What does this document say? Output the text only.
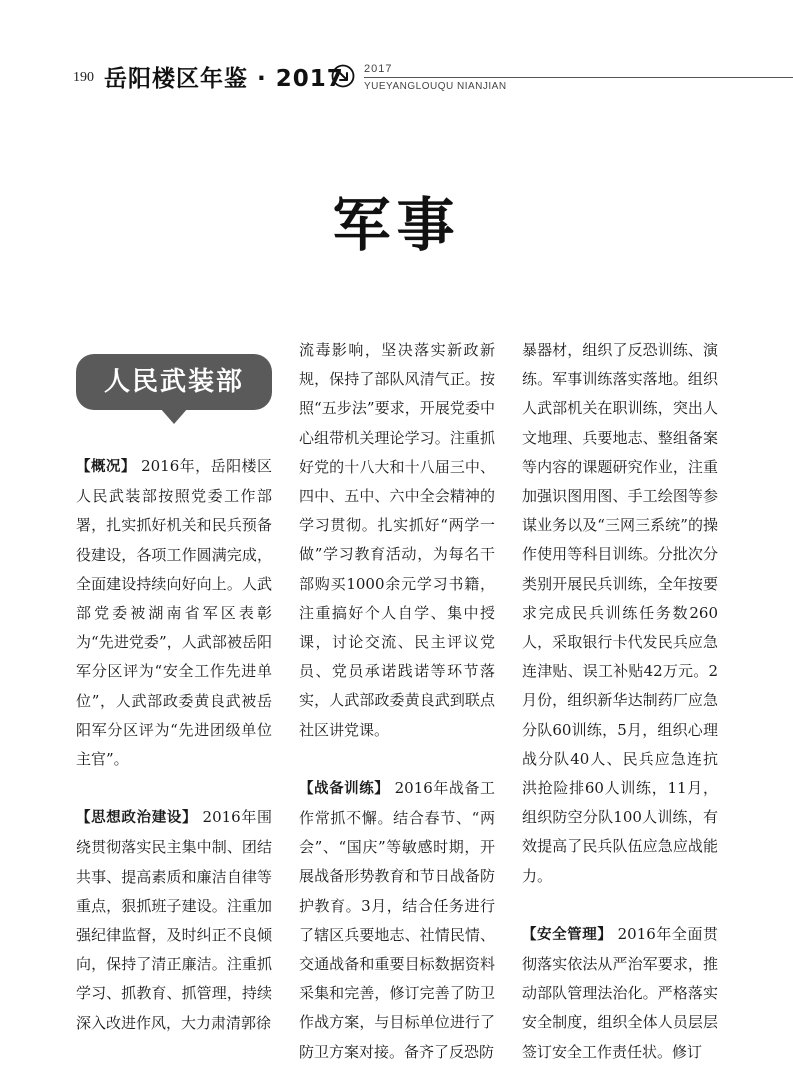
190 岳阳楼区年鉴 · 2017 2017
YUEYANGLOUQU NIANJIAN
军事
人民武装部

【概况】 2016年，岳阳楼区人民武装部按照党委工作部署，扎实抓好机关和民兵预备役建设，各项工作圆满完成，全面建设持续向好向上。人武部党委被湖南省军区表彰为“先进党委”，人武部被岳阳军分区评为“安全工作先进单位”，人武部政委黄良武被岳阳军分区评为“先进团级单位主官”。

【思想政治建设】 2016年围绕贯彻落实民主集中制、团结共事、提高素质和廉洁自律等重点，狠抓班子建设。注重加强纪律监督，及时纠正不良倾向，保持了清正廉洁。注重抓学习、抓教育、抓管理，持续深入改进作风，大力肃清郭徐

流毒影响，坚决落实新政新规，保持了部队风清气正。按照“五步法”要求，开展党委中心组带机关理论学习。注重抓好党的十八大和十八届三中、四中、五中、六中全会精神的学习贯彻。扎实抓好“两学一做”学习教育活动，为每名干部购买1000余元学习书籍，注重搞好个人自学、集中授课，讨论交流、民主评议党员、党员承诺践诺等环节落实，人武部政委黄良武到联点社区讲党课。

【战备训练】 2016年战备工作常抓不懈。结合春节、“两会”、“国庆”等敏感时期，开展战备形势教育和节日战备防护教育。3月，结合任务进行了辖区兵要地志、社情民情、交通战备和重要目标数据资料采集和完善，修订完善了防卫作战方案，与目标单位进行了防卫方案对接。备齐了反恐防

暴器材，组织了反恐训练、演练。军事训练落实落地。组织人武部机关在职训练，突出人文地理、兵要地志、整组备案等内容的课题研究作业，注重加强识图用图、手工绘图等参谋业务以及“三网三系统”的操作使用等科目训练。分批次分类别开展民兵训练，全年按要求完成民兵训练任务数260人，采取银行卡代发民兵应急连津贴、误工补贴42万元。2月份，组织新华达制药厂应急分队60训练，5月，组织心理战分队40人、民兵应急连抗洪抢险排60人训练，11月，组织防空分队100人训练，有效提高了民兵队伍应急应战能力。

【安全管理】 2016年全面贯彻落实依法从严治军要求，推动部队管理法治化。严格落实安全制度，组织全体人员层层签订安全工作责任状。修订
